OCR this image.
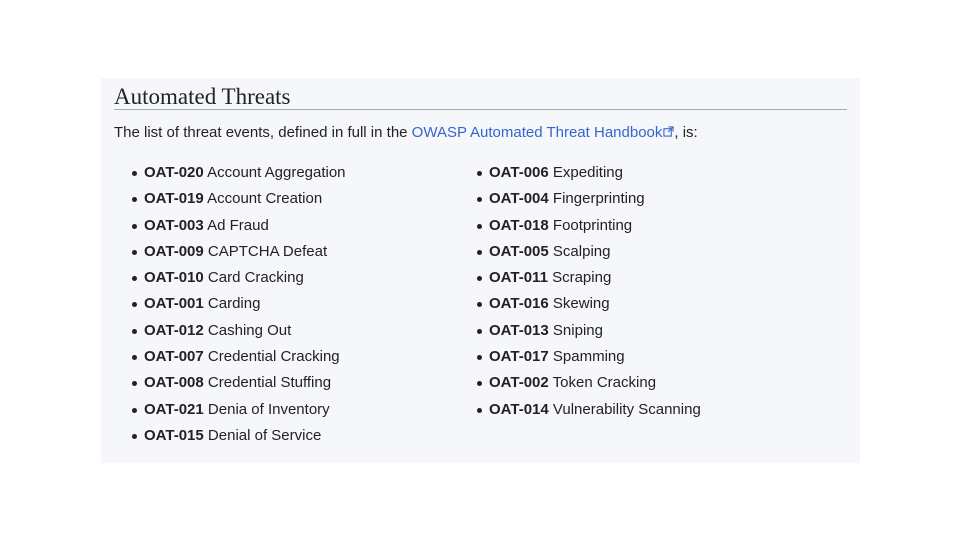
Automated Threats
The list of threat events, defined in full in the OWASP Automated Threat Handbook , is:
OAT-020 Account Aggregation
OAT-019 Account Creation
OAT-003 Ad Fraud
OAT-009 CAPTCHA Defeat
OAT-010 Card Cracking
OAT-001 Carding
OAT-012 Cashing Out
OAT-007 Credential Cracking
OAT-008 Credential Stuffing
OAT-021 Denia of Inventory
OAT-015 Denial of Service
OAT-006 Expediting
OAT-004 Fingerprinting
OAT-018 Footprinting
OAT-005 Scalping
OAT-011 Scraping
OAT-016 Skewing
OAT-013 Sniping
OAT-017 Spamming
OAT-002 Token Cracking
OAT-014 Vulnerability Scanning
